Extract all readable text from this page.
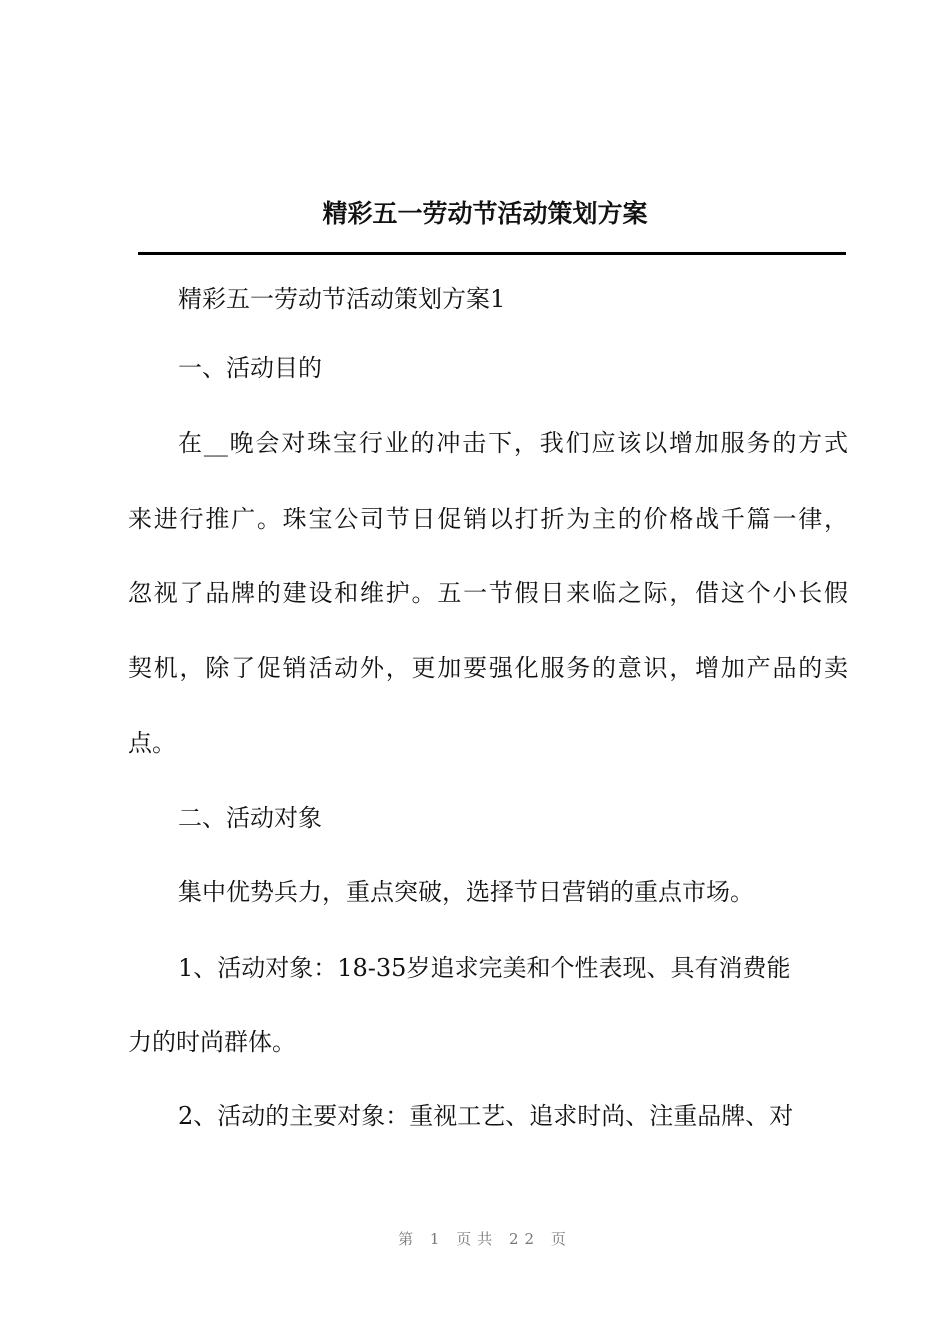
精彩五一劳动节活动策划方案
精彩五一劳动节活动策划方案1
一、活动目的
在__晚会对珠宝行业的冲击下，我们应该以增加服务的方式
来进行推广。珠宝公司节日促销以打折为主的价格战千篇一律，
忽视了品牌的建设和维护。五一节假日来临之际，借这个小长假
契机，除了促销活动外，更加要强化服务的意识，增加产品的卖
点。
二、活动对象
集中优势兵力，重点突破，选择节日营销的重点市场。
1、活动对象：18-35岁追求完美和个性表现、具有消费能
力的时尚群体。
2、活动的主要对象：重视工艺、追求时尚、注重品牌、对
第 1 页共 22 页
